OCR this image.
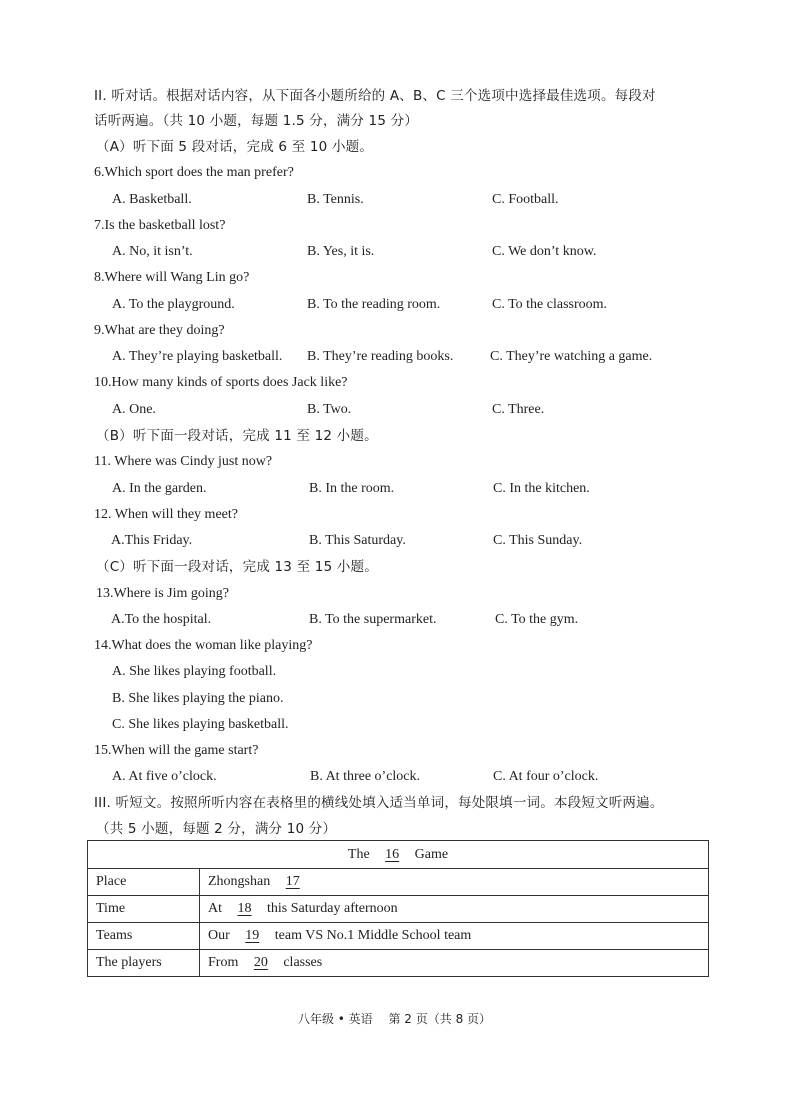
II. 听对话。根据对话内容，从下面各小题所给的 A、B、C 三个选项中选择最佳选项。每段对
话听两遍。（共 10 小题，每题 1.5 分，满分 15 分）
（A）听下面 5 段对话，完成 6 至 10 小题。
6.Which sport does the man prefer?
A. Basketball.	B. Tennis.	C. Football.
7.Is the basketball lost?
A. No, it isn’t.	B. Yes, it is.	C. We don’t know.
8.Where will Wang Lin go?
A. To the playground.	B. To the reading room.	C. To the classroom.
9.What are they doing?
A. They’re playing basketball. B. They’re reading books.	C. They’re watching a game.
10.How many kinds of sports does Jack like?
A. One.	B. Two.	C. Three.
（B）听下面一段对话，完成 11 至 12 小题。
11. Where was Cindy just now?
A. In the garden.	B. In the room.	C. In the kitchen.
12. When will they meet?
A.This Friday.	B. This Saturday.	C. This Sunday.
（C）听下面一段对话，完成 13 至 15 小题。
13.Where is Jim going?
A.To the hospital.	B. To the supermarket.	C. To the gym.
14.What does the woman like playing?
A. She likes playing football.
B. She likes playing the piano.
C. She likes playing basketball.
15.When will the game start?
A. At five o’clock.	B. At three o’clock.	C. At four o’clock.
III. 听短文。按照所听内容在表格里的横线处填入适当单词，每处限填一词。本段短文听两遍。
（共 5 小题，每题 2 分，满分 10 分）
The 16 Game	
Place	Zhongshan 17
Time	At 18 this Saturday afternoon
Teams	Our 19 team VS No.1 Middle School team
The players	From 20 classes
八年级 • 英语　 第 2 页（共 8 页）
